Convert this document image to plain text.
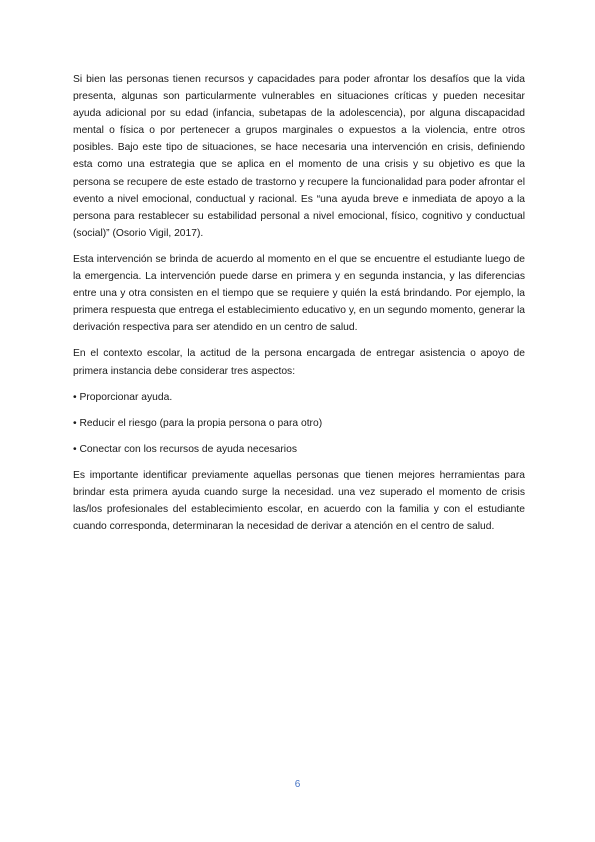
Si bien las personas tienen recursos y capacidades para poder afrontar los desafíos que la vida presenta, algunas son particularmente vulnerables en situaciones críticas y pueden necesitar ayuda adicional por su edad (infancia, subetapas de la adolescencia), por alguna discapacidad mental o física o por pertenecer a grupos marginales o expuestos a la violencia, entre otros posibles. Bajo este tipo de situaciones, se hace necesaria una intervención en crisis, definiendo esta como una estrategia que se aplica en el momento de una crisis y su objetivo es que la persona se recupere de este estado de trastorno y recupere la funcionalidad para poder afrontar el evento a nivel emocional, conductual y racional. Es “una ayuda breve e inmediata de apoyo a la persona para restablecer su estabilidad personal a nivel emocional, físico, cognitivo y conductual (social)” (Osorio Vigil, 2017).

Esta intervención se brinda de acuerdo al momento en el que se encuentre el estudiante luego de la emergencia. La intervención puede darse en primera y en segunda instancia, y las diferencias entre una y otra consisten en el tiempo que se requiere y quién la está brindando. Por ejemplo, la primera respuesta que entrega el establecimiento educativo y, en un segundo momento, generar la derivación respectiva para ser atendido en un centro de salud.

En el contexto escolar, la actitud de la persona encargada de entregar asistencia o apoyo de primera instancia debe considerar tres aspectos:

• Proporcionar ayuda.

• Reducir el riesgo (para la propia persona o para otro)

• Conectar con los recursos de ayuda necesarios

Es importante identificar previamente aquellas personas que tienen mejores herramientas para brindar esta primera ayuda cuando surge la necesidad. una vez superado el momento de crisis las/los profesionales del establecimiento escolar, en acuerdo con la familia y con el estudiante cuando corresponda, determinaran la necesidad de derivar a atención en el centro de salud.

6
